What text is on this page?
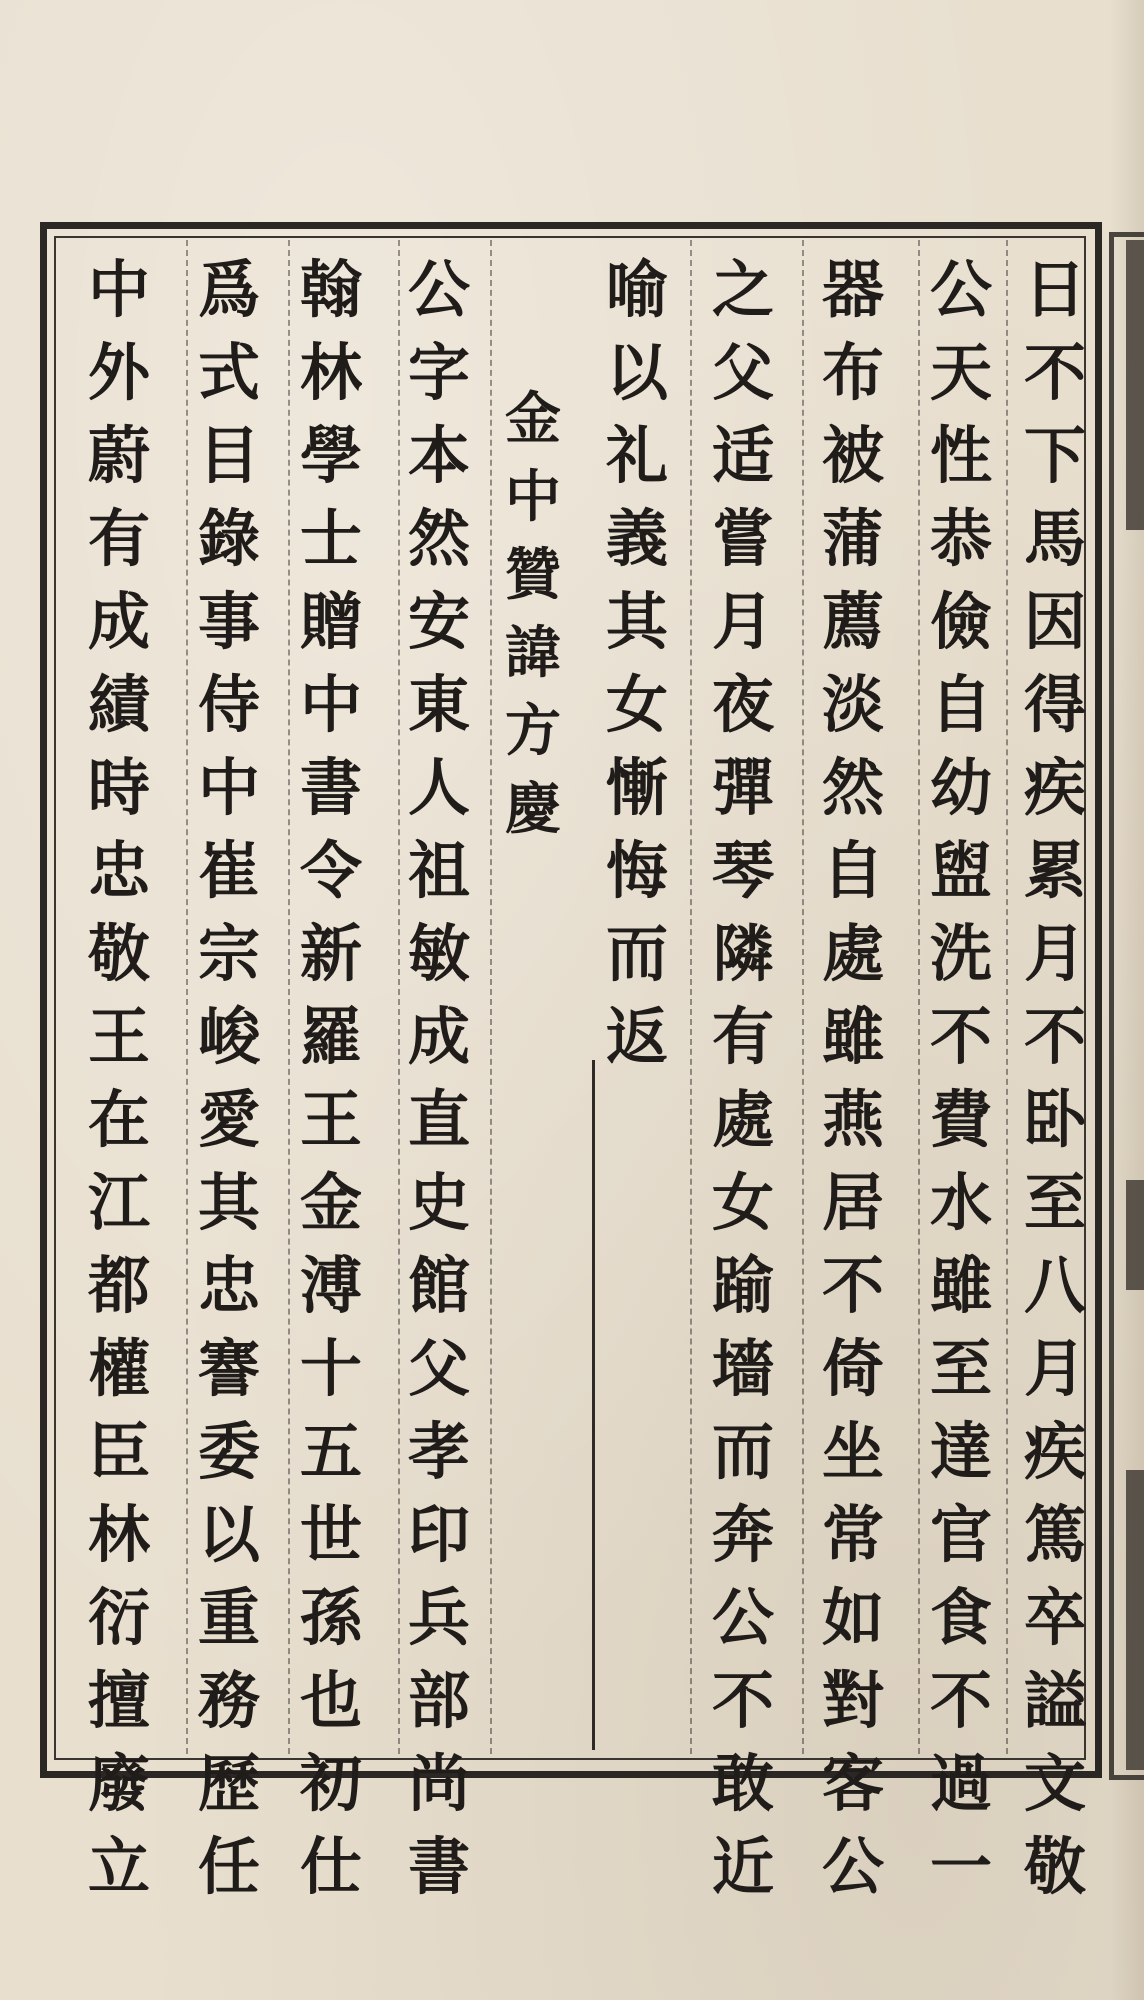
日
不
下
馬
因
得
疾
累
月
不
卧
至
八
月
疾
篤
卒
謚
文
敬
公
天
性
恭
儉
自
幼
盥
洗
不
費
水
雖
至
達
官
食
不
過
一
器
布
被
蒲
薦
淡
然
自
處
雖
燕
居
不
倚
坐
常
如
對
客
公
之
父
适
嘗
月
夜
彈
琴
隣
有
處
女
踰
墻
而
奔
公
不
敢
近
喻
以
礼
義
其
女
慚
悔
而
返
金
中
贊
諱
方
慶
公
字
本
然
安
東
人
祖
敏
成
直
史
館
父
孝
印
兵
部
尚
書
翰
林
學
士
贈
中
書
令
新
羅
王
金
溥
十
五
世
孫
也
初
仕
爲
式
目
錄
事
侍
中
崔
宗
峻
愛
其
忠
謇
委
以
重
務
歷
任
中
外
蔚
有
成
績
時
忠
敬
王
在
江
都
權
臣
林
衍
擅
廢
立
